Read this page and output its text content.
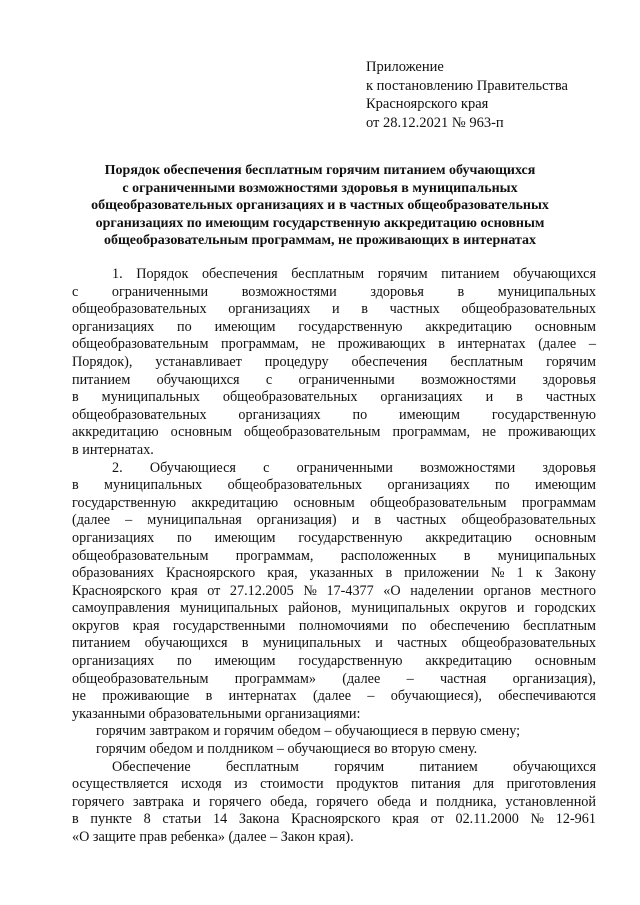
Приложение
к постановлению Правительства
Красноярского края
от 28.12.2021 № 963-п
Порядок обеспечения бесплатным горячим питанием обучающихся
с ограниченными возможностями здоровья в муниципальных
общеобразовательных организациях и в частных общеобразовательных
организациях по имеющим государственную аккредитацию основным
общеобразовательным программам, не проживающих в интернатах
1. Порядок обеспечения бесплатным горячим питанием обучающихся
с ограниченными возможностями здоровья в муниципальных
общеобразовательных организациях и в частных общеобразовательных
организациях по имеющим государственную аккредитацию основным
общеобразовательным программам, не проживающих в интернатах (далее –
Порядок), устанавливает процедуру обеспечения бесплатным горячим
питанием обучающихся с ограниченными возможностями здоровья
в муниципальных общеобразовательных организациях и в частных
общеобразовательных организациях по имеющим государственную
аккредитацию основным общеобразовательным программам, не проживающих
в интернатах.
2. Обучающиеся с ограниченными возможностями здоровья
в муниципальных общеобразовательных организациях по имеющим
государственную аккредитацию основным общеобразовательным программам
(далее – муниципальная организация) и в частных общеобразовательных
организациях по имеющим государственную аккредитацию основным
общеобразовательным программам, расположенных в муниципальных
образованиях Красноярского края, указанных в приложении № 1 к Закону
Красноярского края от 27.12.2005 № 17-4377 «О наделении органов местного
самоуправления муниципальных районов, муниципальных округов и городских
округов края государственными полномочиями по обеспечению бесплатным
питанием обучающихся в муниципальных и частных общеобразовательных
организациях по имеющим государственную аккредитацию основным
общеобразовательным программам» (далее – частная организация),
не проживающие в интернатах (далее – обучающиеся), обеспечиваются
указанными образовательными организациями:
горячим завтраком и горячим обедом – обучающиеся в первую смену;
горячим обедом и полдником – обучающиеся во вторую смену.
Обеспечение бесплатным горячим питанием обучающихся
осуществляется исходя из стоимости продуктов питания для приготовления
горячего завтрака и горячего обеда, горячего обеда и полдника, установленной
в пункте 8 статьи 14 Закона Красноярского края от 02.11.2000 № 12-961
«О защите прав ребенка» (далее – Закон края).
